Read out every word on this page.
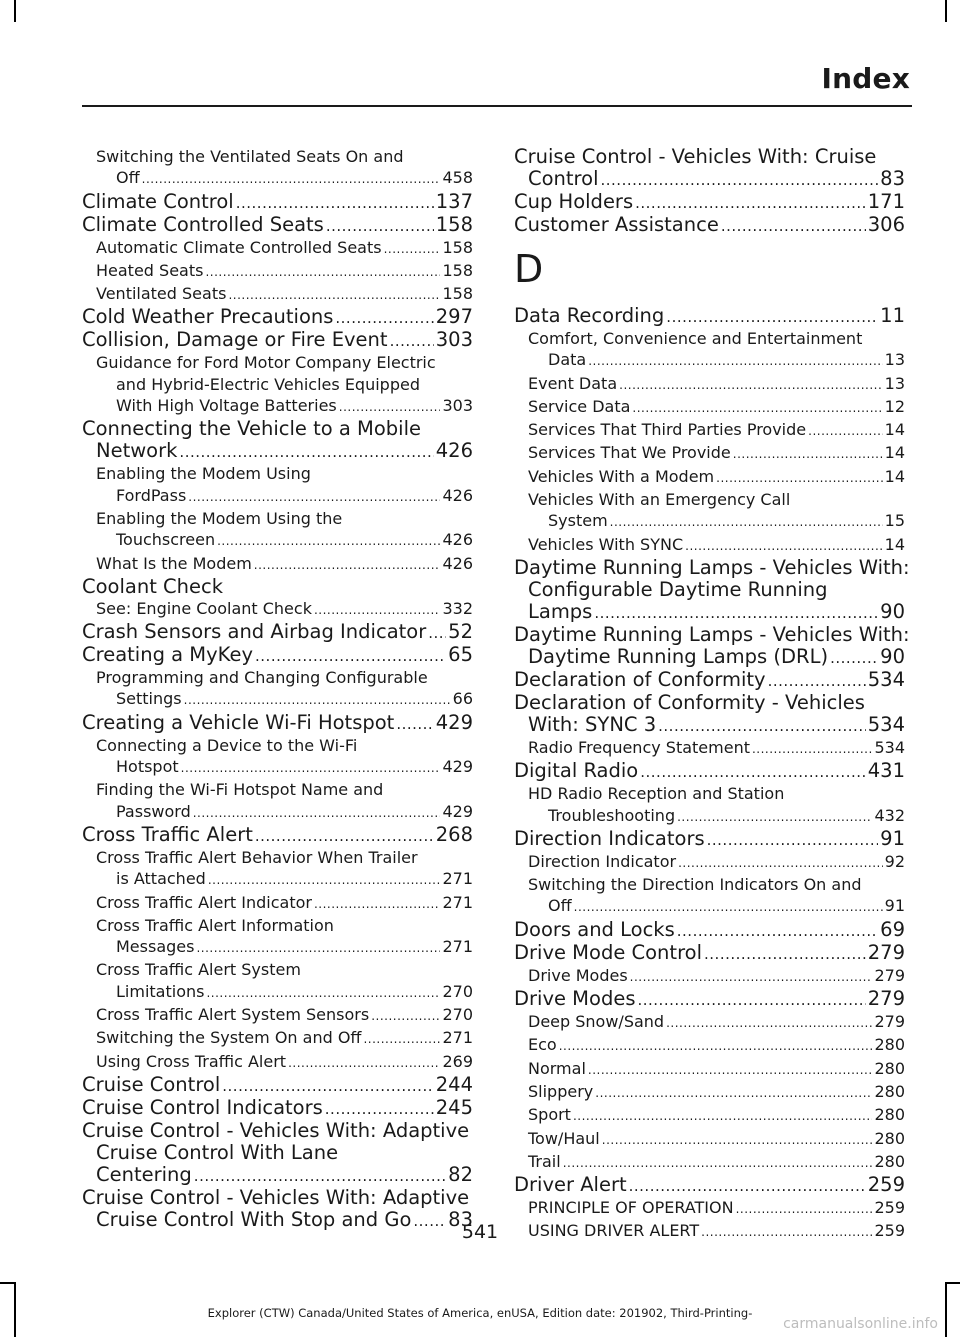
Index
Switching the Ventilated Seats On and
Off .....	458
Climate Control .....	137
Climate Controlled Seats .....	158
Automatic Climate Controlled Seats .....	158
Heated Seats .....	158
Ventilated Seats .....	158
Cold Weather Precautions .....	297
Collision, Damage or Fire Event ..... 303
Guidance for Ford Motor Company Electric
and Hybrid-Electric Vehicles Equipped
With High Voltage Batteries .....	303
Connecting the Vehicle to a Mobile
Network .....	426
Enabling the Modem Using
FordPass .....	426
Enabling the Modem Using the
Touchscreen .....	426
What Is the Modem .....	426
Coolant Check
See: Engine Coolant Check .....	332
Crash Sensors and Airbag Indicator ..... 52
Creating a MyKey .....	65
Programming and Changing Configurable
Settings .....	66
Creating a Vehicle Wi-Fi Hotspot ..... 429
Connecting a Device to the Wi-Fi
Hotspot .....	429
Finding the Wi-Fi Hotspot Name and
Password .....	429
Cross Traffic Alert .....	268
Cross Traffic Alert Behavior When Trailer
is Attached .....	271
Cross Traffic Alert Indicator .....	271
Cross Traffic Alert Information
Messages .....	271
Cross Traffic Alert System
Limitations .....	270
Cross Traffic Alert System Sensors .....	270
Switching the System On and Off .....	271
Using Cross Traffic Alert .....	269
Cruise Control .....	244
Cruise Control Indicators .....	245
Cruise Control - Vehicles With: Adaptive
Cruise Control With Lane
Centering .....	82
Cruise Control - Vehicles With: Adaptive
Cruise Control With Stop and Go ..... 83
Cruise Control - Vehicles With: Cruise
Control .....	83
Cup Holders .....	171
Customer Assistance .....	306
D
Data Recording .....	11
Comfort, Convenience and Entertainment
Data .....	13
Event Data .....	13
Service Data .....	12
Services That Third Parties Provide .....	14
Services That We Provide .....	14
Vehicles With a Modem .....	14
Vehicles With an Emergency Call
System .....	15
Vehicles With SYNC .....	14
Daytime Running Lamps - Vehicles With:
Configurable Daytime Running
Lamps .....	90
Daytime Running Lamps - Vehicles With:
Daytime Running Lamps (DRL) .....	90
Declaration of Conformity .....	534
Declaration of Conformity - Vehicles
With: SYNC 3 .....	534
Radio Frequency Statement .....	534
Digital Radio .....	431
HD Radio Reception and Station
Troubleshooting .....	432
Direction Indicators .....	91
Direction Indicator .....	92
Switching the Direction Indicators On and
Off .....	91
Doors and Locks .....	69
Drive Mode Control .....	279
Drive Modes .....	279
Drive Modes .....	279
Deep Snow/Sand .....	279
Eco .....	280
Normal .....	280
Slippery .....	280
Sport .....	280
Tow/Haul .....	280
Trail .....	280
Driver Alert .....	259
PRINCIPLE OF OPERATION .....	259
USING DRIVER ALERT .....	259
541
Explorer (CTW) Canada/United States of America, enUSA, Edition date: 201902, Third-Printing-
carmanualsonline.info
